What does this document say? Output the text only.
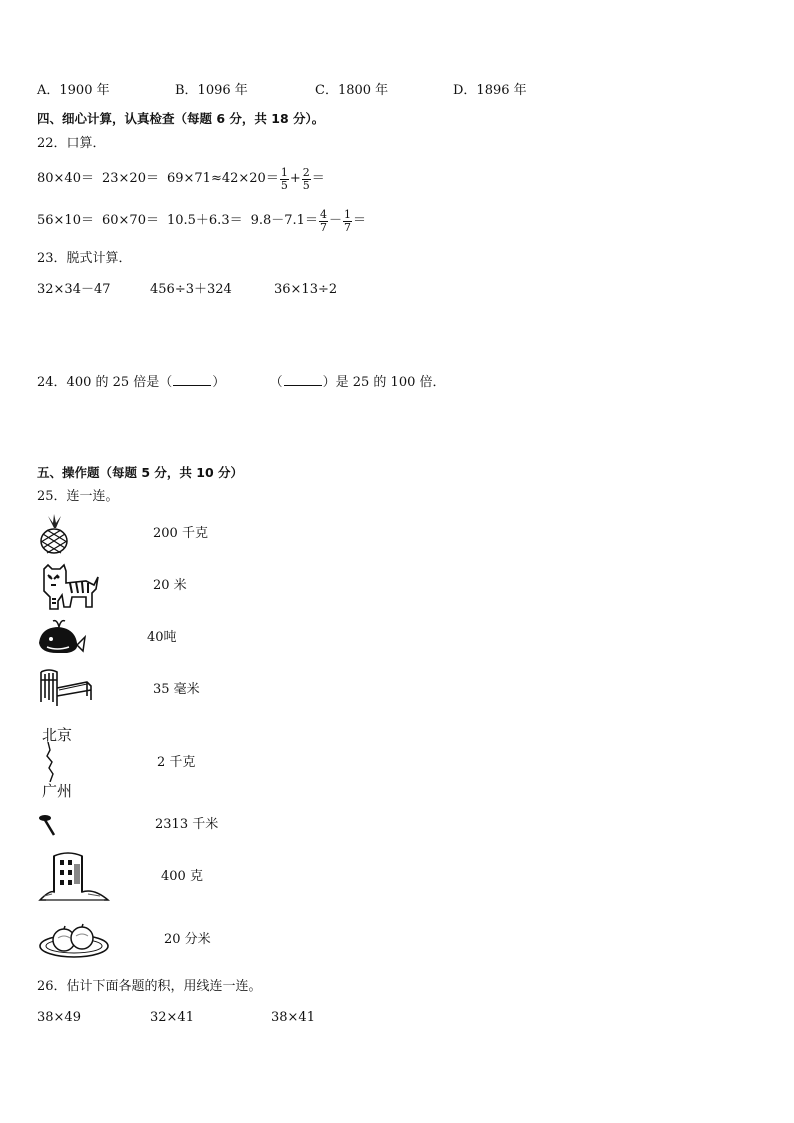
A．1900 年	B．1096 年	C．1800 年	D．1896 年
四、细心计算，认真检查（每题 6 分，共 18 分）。
22．口算．
$80\times 40= 23\times 20= 69\times 71\approx 42\times 20= \frac{1}{5} + \frac{2}{5}$ ＝
$56\times 10= 60\times 70= 10.5+6.3= 9.8-7.1= \frac{4}{7} - \frac{1}{7}$ ＝
23．脱式计算．
32×34－47	456÷3＋324	36×13÷2
24．400 的 25 倍是（	）	（	）是 25 的 100 倍．
五、操作题（每题 5 分，共 10 分）
25．连一连。
北京
广州
200 千克
20 米
40吨
35 毫米
2 千克
2313 千米
400 克
20 分米
26．估计下面各题的积，用线连一连。
38×49	32×41	38×41
